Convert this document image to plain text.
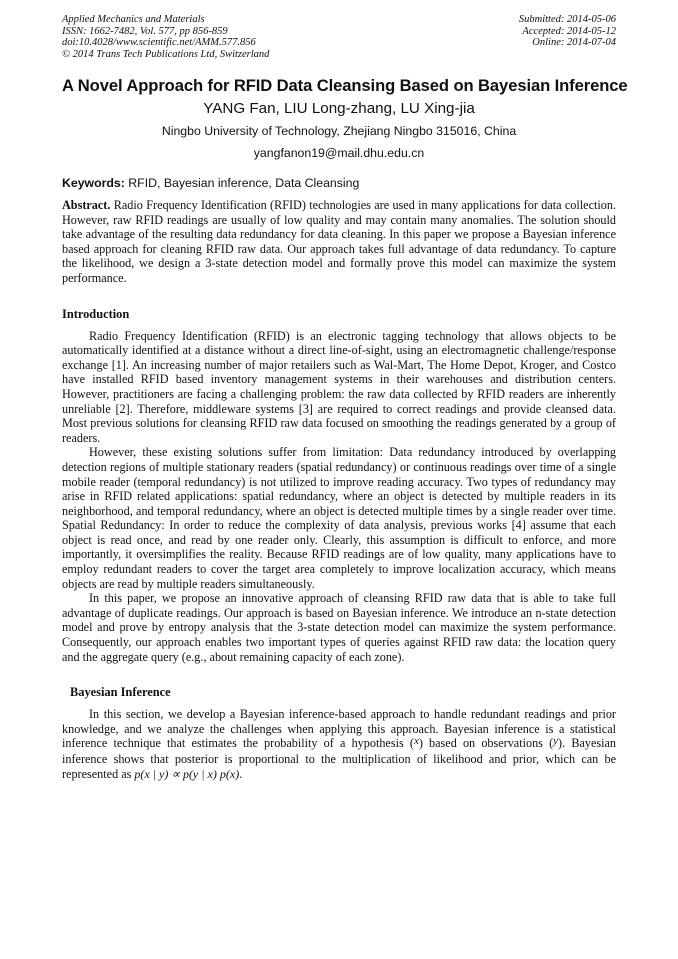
Applied Mechanics and Materials
ISSN: 1662-7482, Vol. 577, pp 856-859
doi:10.4028/www.scientific.net/AMM.577.856
© 2014 Trans Tech Publications Ltd, Switzerland
Submitted: 2014-05-06
Accepted: 2014-05-12
Online: 2014-07-04
A Novel Approach for RFID Data Cleansing Based on Bayesian Inference
YANG Fan, LIU Long-zhang, LU Xing-jia
Ningbo University of Technology, Zhejiang Ningbo 315016, China
yangfanon19@mail.dhu.edu.cn
Keywords: RFID, Bayesian inference, Data Cleansing

Abstract. Radio Frequency Identification (RFID) technologies are used in many applications for data collection. However, raw RFID readings are usually of low quality and may contain many anomalies. The solution should take advantage of the resulting data redundancy for data cleaning. In this paper we propose a Bayesian inference based approach for cleaning RFID raw data. Our approach takes full advantage of data redundancy. To capture the likelihood, we design a 3-state detection model and formally prove this model can maximize the system performance.

Introduction

Radio Frequency Identification (RFID) is an electronic tagging technology that allows objects to be automatically identified at a distance without a direct line-of-sight, using an electromagnetic challenge/response exchange [1]. An increasing number of major retailers such as Wal-Mart, The Home Depot, Kroger, and Costco have installed RFID based inventory management systems in their warehouses and distribution centers. However, practitioners are facing a challenging problem: the raw data collected by RFID readers are inherently unreliable [2]. Therefore, middleware systems [3] are required to correct readings and provide cleansed data. Most previous solutions for cleansing RFID raw data focused on smoothing the readings generated by a group of readers.

However, these existing solutions suffer from limitation: Data redundancy introduced by overlapping detection regions of multiple stationary readers (spatial redundancy) or continuous readings over time of a single mobile reader (temporal redundancy) is not utilized to improve reading accuracy. Two types of redundancy may arise in RFID related applications: spatial redundancy, where an object is detected by multiple readers in its neighborhood, and temporal redundancy, where an object is detected multiple times by a single reader over time. Spatial Redundancy: In order to reduce the complexity of data analysis, previous works [4] assume that each object is read once, and read by one reader only. Clearly, this assumption is difficult to enforce, and more importantly, it oversimplifies the reality. Because RFID readings are of low quality, many applications have to employ redundant readers to cover the target area completely to improve localization accuracy, which means objects are read by multiple readers simultaneously.

In this paper, we propose an innovative approach of cleansing RFID raw data that is able to take full advantage of duplicate readings. Our approach is based on Bayesian inference. We introduce an n-state detection model and prove by entropy analysis that the 3-state detection model can maximize the system performance. Consequently, our approach enables two important types of queries against RFID raw data: the location query and the aggregate query (e.g., about remaining capacity of each zone).

Bayesian Inference

In this section, we develop a Bayesian inference-based approach to handle redundant readings and prior knowledge, and we analyze the challenges when applying this approach. Bayesian inference is a statistical inference technique that estimates the probability of a hypothesis (x) based on observations (y). Bayesian inference shows that posterior is proportional to the multiplication of likelihood and prior, which can be represented as p(x | y) ∝ p(y | x) p(x).
